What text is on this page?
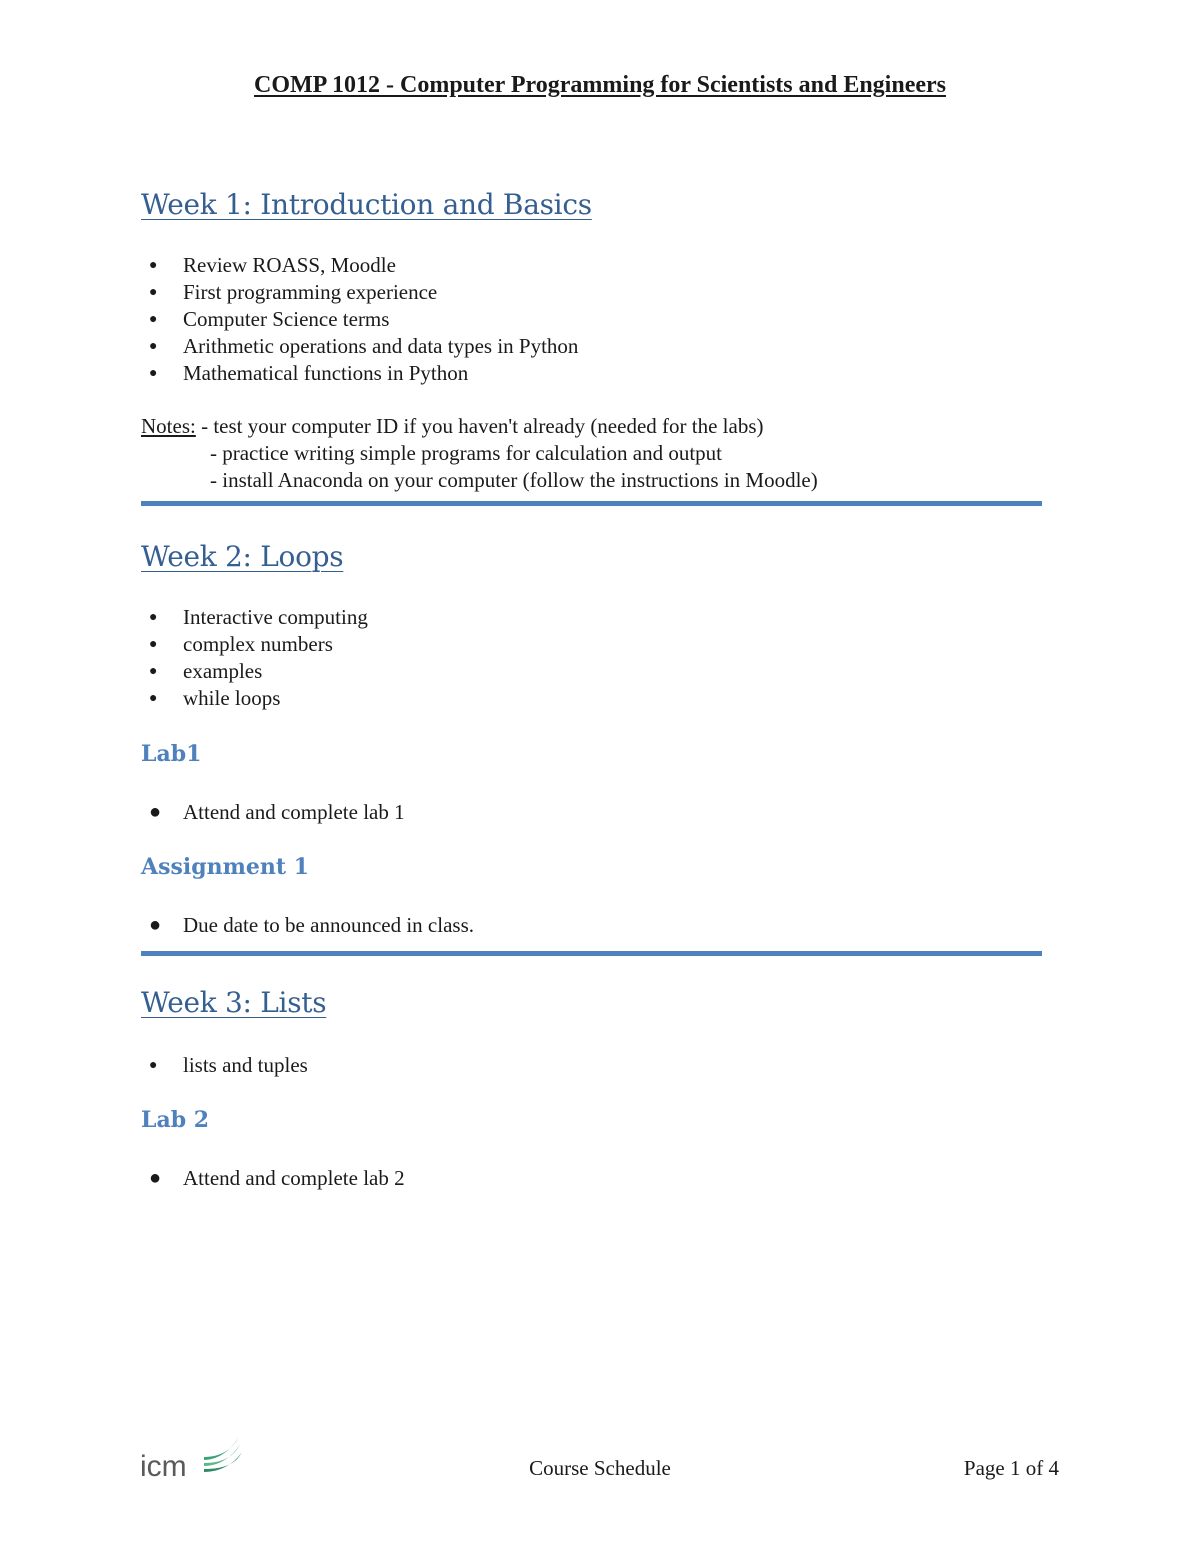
COMP 1012 - Computer Programming for Scientists and Engineers
Week 1: Introduction and Basics
● Review ROASS, Moodle
● First programming experience
● Computer Science terms
● Arithmetic operations and data types in Python
● Mathematical functions in Python
Notes: - test your computer ID if you haven't already (needed for the labs)
- practice writing simple programs for calculation and output
- install Anaconda on your computer (follow the instructions in Moodle)
Week 2: Loops
● Interactive computing
● complex numbers
● examples
● while loops
Lab1
● Attend and complete lab 1
Assignment 1
● Due date to be announced in class.
Week 3: Lists
● lists and tuples
Lab 2
● Attend and complete lab 2
icm	Course Schedule	Page 1 of 4
